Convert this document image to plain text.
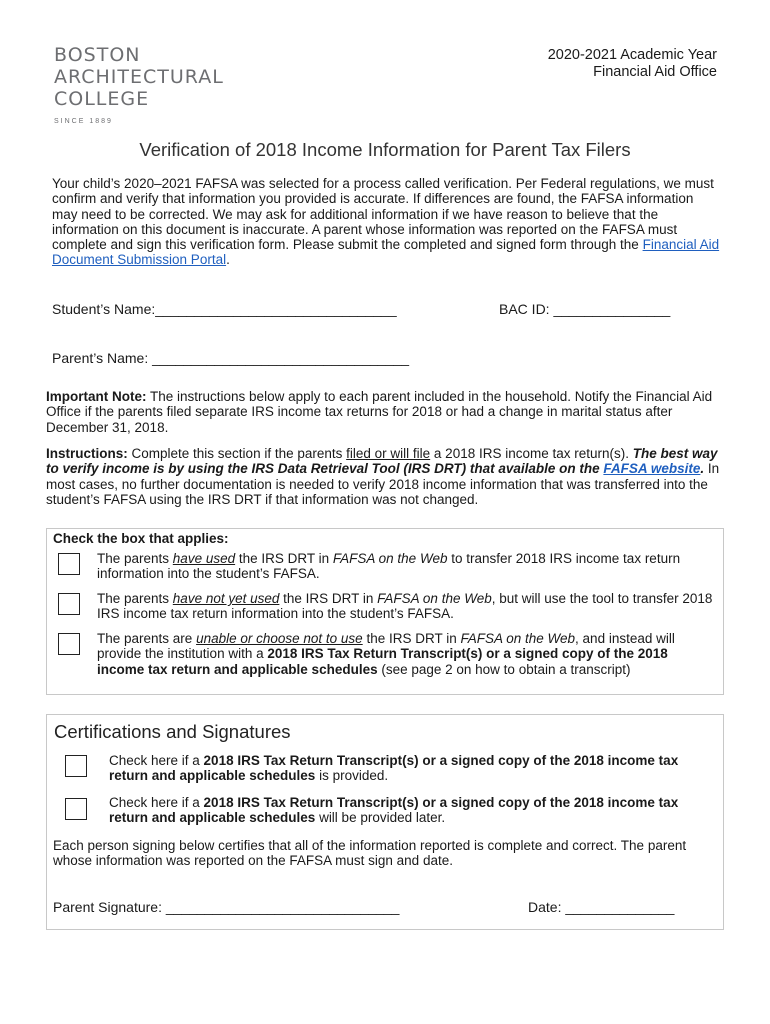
BOSTON
ARCHITECTURAL
COLLEGE
SINCE 1889
2020-2021 Academic Year
Financial Aid Office
Verification of 2018 Income Information for Parent Tax Filers
Your child’s 2020–2021 FAFSA was selected for a process called verification. Per Federal regulations, we must confirm and verify that information you provided is accurate. If differences are found, the FAFSA information may need to be corrected. We may ask for additional information if we have reason to believe that the information on this document is inaccurate. A parent whose information was reported on the FAFSA must complete and sign this verification form. Please submit the completed and signed form through the Financial Aid Document Submission Portal.
Student’s Name:_______________________________	BAC ID: _______________
Parent’s Name: _________________________________
Important Note: The instructions below apply to each parent included in the household. Notify the Financial Aid Office if the parents filed separate IRS income tax returns for 2018 or had a change in marital status after December 31, 2018.
Instructions: Complete this section if the parents filed or will file a 2018 IRS income tax return(s). The best way to verify income is by using the IRS Data Retrieval Tool (IRS DRT) that available on the FAFSA website. In most cases, no further documentation is needed to verify 2018 income information that was transferred into the student’s FAFSA using the IRS DRT if that information was not changed.
Check the box that applies:
The parents have used the IRS DRT in FAFSA on the Web to transfer 2018 IRS income tax return information into the student’s FAFSA.
The parents have not yet used the IRS DRT in FAFSA on the Web, but will use the tool to transfer 2018 IRS income tax return information into the student’s FAFSA.
The parents are unable or choose not to use the IRS DRT in FAFSA on the Web, and instead will provide the institution with a 2018 IRS Tax Return Transcript(s) or a signed copy of the 2018 income tax return and applicable schedules (see page 2 on how to obtain a transcript)
Certifications and Signatures
Check here if a 2018 IRS Tax Return Transcript(s) or a signed copy of the 2018 income tax return and applicable schedules is provided.
Check here if a 2018 IRS Tax Return Transcript(s) or a signed copy of the 2018 income tax return and applicable schedules will be provided later.
Each person signing below certifies that all of the information reported is complete and correct. The parent whose information was reported on the FAFSA must sign and date.
Parent Signature: ______________________________	Date: ______________
